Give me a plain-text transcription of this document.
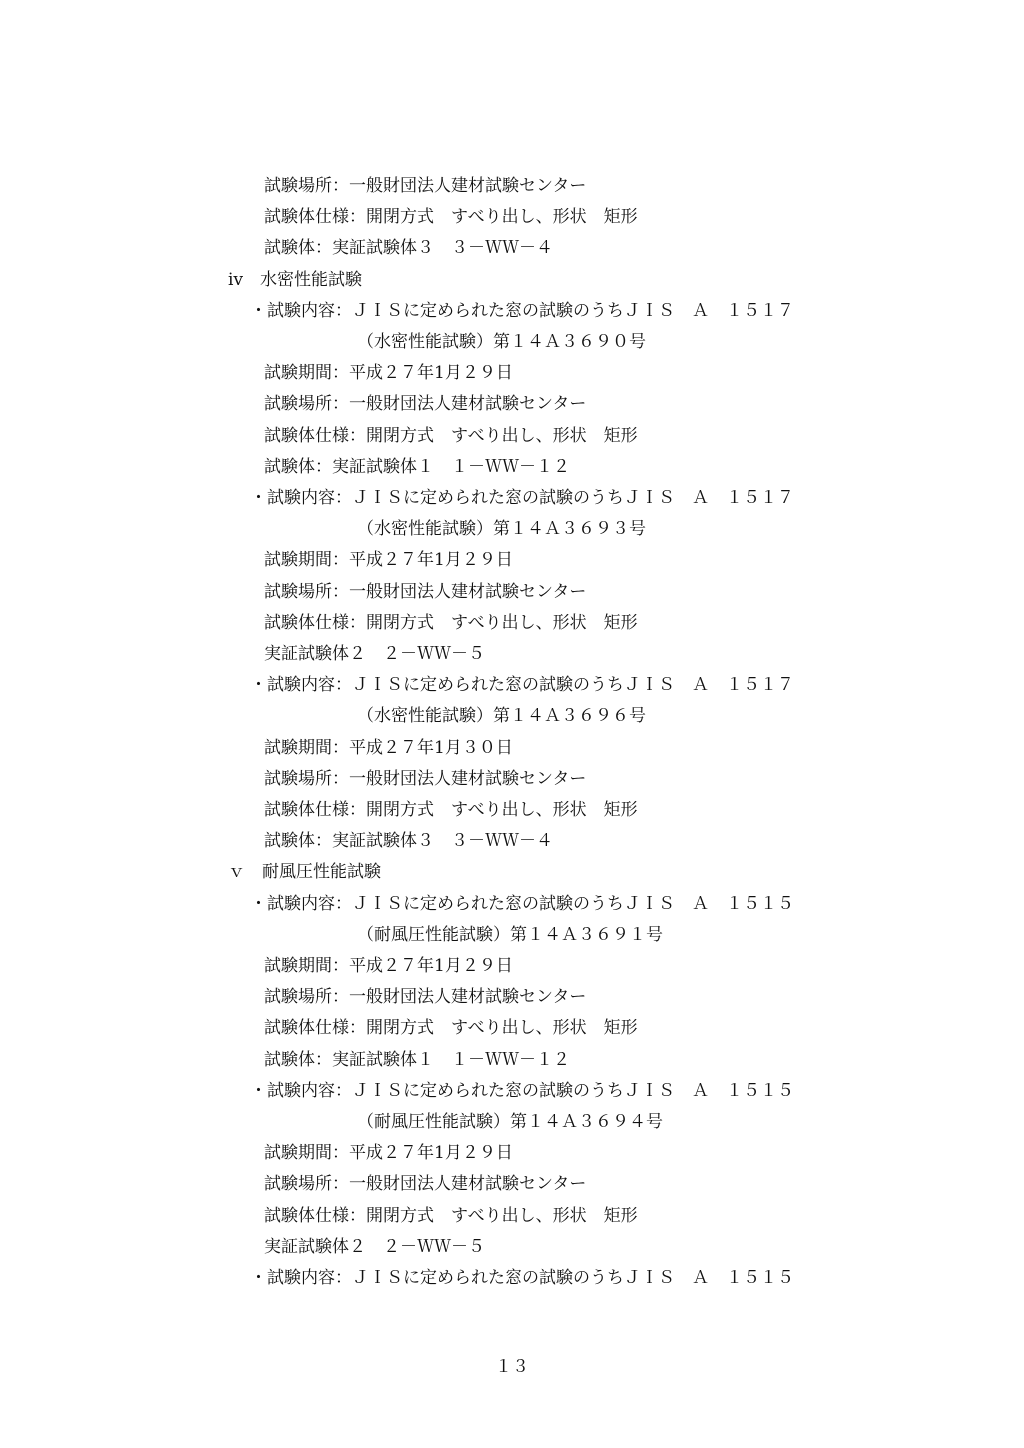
試験場所：一般財団法人建材試験センター
試験体仕様：開閉方式　すべり出し、形状　矩形
試験体：実証試験体３　３－ＷＷ－４
ⅳ　水密性能試験
・試験内容：ＪＩＳに定められた窓の試験のうちＪＩＳ　Ａ　１５１７
（水密性能試験）第１４Ａ３６９０号
試験期間：平成２７年1月２９日
試験場所：一般財団法人建材試験センター
試験体仕様：開閉方式　すべり出し、形状　矩形
試験体：実証試験体１　１－ＷＷ－１２
・試験内容：ＪＩＳに定められた窓の試験のうちＪＩＳ　Ａ　１５１７
（水密性能試験）第１４Ａ３６９３号
試験期間：平成２７年1月２９日
試験場所：一般財団法人建材試験センター
試験体仕様：開閉方式　すべり出し、形状　矩形
実証試験体２　２－ＷＷ－５
・試験内容：ＪＩＳに定められた窓の試験のうちＪＩＳ　Ａ　１５１７
（水密性能試験）第１４Ａ３６９６号
試験期間：平成２７年1月３０日
試験場所：一般財団法人建材試験センター
試験体仕様：開閉方式　すべり出し、形状　矩形
試験体：実証試験体３　３－ＷＷ－４
ｖ　耐風圧性能試験
・試験内容：ＪＩＳに定められた窓の試験のうちＪＩＳ　Ａ　１５１５
（耐風圧性能試験）第１４Ａ３６９１号
試験期間：平成２７年1月２９日
試験場所：一般財団法人建材試験センター
試験体仕様：開閉方式　すべり出し、形状　矩形
試験体：実証試験体１　１－ＷＷ－１２
・試験内容：ＪＩＳに定められた窓の試験のうちＪＩＳ　Ａ　１５１５
（耐風圧性能試験）第１４Ａ３６９４号
試験期間：平成２７年1月２９日
試験場所：一般財団法人建材試験センター
試験体仕様：開閉方式　すべり出し、形状　矩形
実証試験体２　２－ＷＷ－５
・試験内容：ＪＩＳに定められた窓の試験のうちＪＩＳ　Ａ　１５１５
１３
